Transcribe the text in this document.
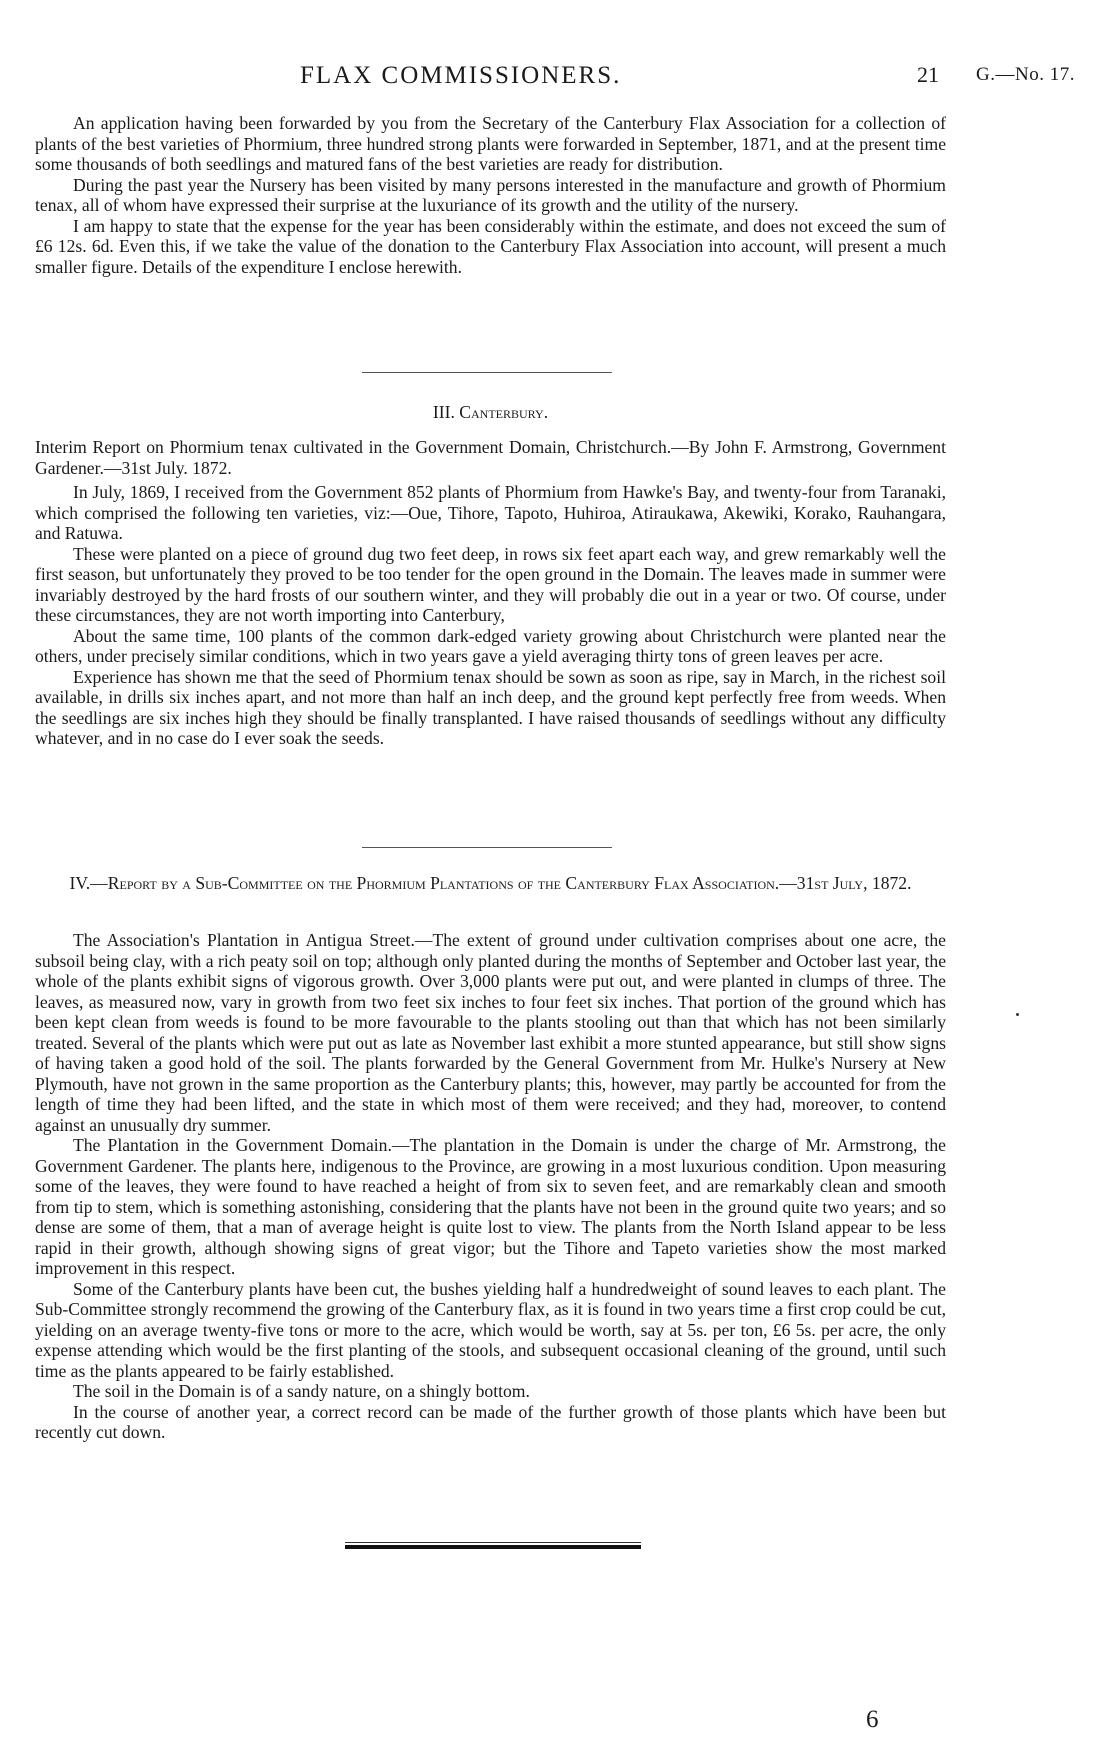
FLAX COMMISSIONERS.	21 G.—No. 17.

An application having been forwarded by you from the Secretary of the Canterbury Flax Association for a collection of plants of the best varieties of Phormium, three hundred strong plants were forwarded in September, 1871, and at the present time some thousands of both seedlings and matured fans of the best varieties are ready for distribution.

During the past year the Nursery has been visited by many persons interested in the manufacture and growth of Phormium tenax, all of whom have expressed their surprise at the luxuriance of its growth and the utility of the nursery.

I am happy to state that the expense for the year has been considerably within the estimate, and does not exceed the sum of £6 12s. 6d. Even this, if we take the value of the donation to the Canterbury Flax Association into account, will present a much smaller figure. Details of the expenditure I enclose herewith.

III. Canterbury.

Interim Report on Phormium tenax cultivated in the Government Domain, Christchurch.—By John F. Armstrong, Government Gardener.—31st July. 1872.

In July, 1869, I received from the Government 852 plants of Phormium from Hawke's Bay, and twenty-four from Taranaki, which comprised the following ten varieties, viz:—Oue, Tihore, Tapoto, Huhiroa, Atiraukawa, Akewiki, Korako, Rauhangara, and Ratuwa.

These were planted on a piece of ground dug two feet deep, in rows six feet apart each way, and grew remarkably well the first season, but unfortunately they proved to be too tender for the open ground in the Domain. The leaves made in summer were invariably destroyed by the hard frosts of our southern winter, and they will probably die out in a year or two. Of course, under these circumstances, they are not worth importing into Canterbury,

About the same time, 100 plants of the common dark-edged variety growing about Christchurch were planted near the others, under precisely similar conditions, which in two years gave a yield averaging thirty tons of green leaves per acre.

Experience has shown me that the seed of Phormium tenax should be sown as soon as ripe, say in March, in the richest soil available, in drills six inches apart, and not more than half an inch deep, and the ground kept perfectly free from weeds. When the seedlings are six inches high they should be finally transplanted. I have raised thousands of seedlings without any difficulty whatever, and in no case do I ever soak the seeds.

IV.—Report by a Sub-Committee on the Phormium Plantations of the Canterbury Flax Association.—31st July, 1872.

The Association's Plantation in Antigua Street.—The extent of ground under cultivation comprises about one acre, the subsoil being clay, with a rich peaty soil on top; although only planted during the months of September and October last year, the whole of the plants exhibit signs of vigorous growth. Over 3,000 plants were put out, and were planted in clumps of three. The leaves, as measured now, vary in growth from two feet six inches to four feet six inches. That portion of the ground which has been kept clean from weeds is found to be more favourable to the plants stooling out than that which has not been similarly treated. Several of the plants which were put out as late as November last exhibit a more stunted appearance, but still show signs of having taken a good hold of the soil. The plants forwarded by the General Government from Mr. Hulke's Nursery at New Plymouth, have not grown in the same proportion as the Canterbury plants; this, however, may partly be accounted for from the length of time they had been lifted, and the state in which most of them were received; and they had, moreover, to contend against an unusually dry summer.

The Plantation in the Government Domain.—The plantation in the Domain is under the charge of Mr. Armstrong, the Government Gardener. The plants here, indigenous to the Province, are growing in a most luxurious condition. Upon measuring some of the leaves, they were found to have reached a height of from six to seven feet, and are remarkably clean and smooth from tip to stem, which is something astonishing, considering that the plants have not been in the ground quite two years; and so dense are some of them, that a man of average height is quite lost to view. The plants from the North Island appear to be less rapid in their growth, although showing signs of great vigor; but the Tihore and Tapeto varieties show the most marked improvement in this respect.

Some of the Canterbury plants have been cut, the bushes yielding half a hundredweight of sound leaves to each plant. The Sub-Committee strongly recommend the growing of the Canterbury flax, as it is found in two years time a first crop could be cut, yielding on an average twenty-five tons or more to the acre, which would be worth, say at 5s. per ton, £6 5s. per acre, the only expense attending which would be the first planting of the stools, and subsequent occasional cleaning of the ground, until such time as the plants appeared to be fairly established.

The soil in the Domain is of a sandy nature, on a shingly bottom.

In the course of another year, a correct record can be made of the further growth of those plants which have been but recently cut down.

6
